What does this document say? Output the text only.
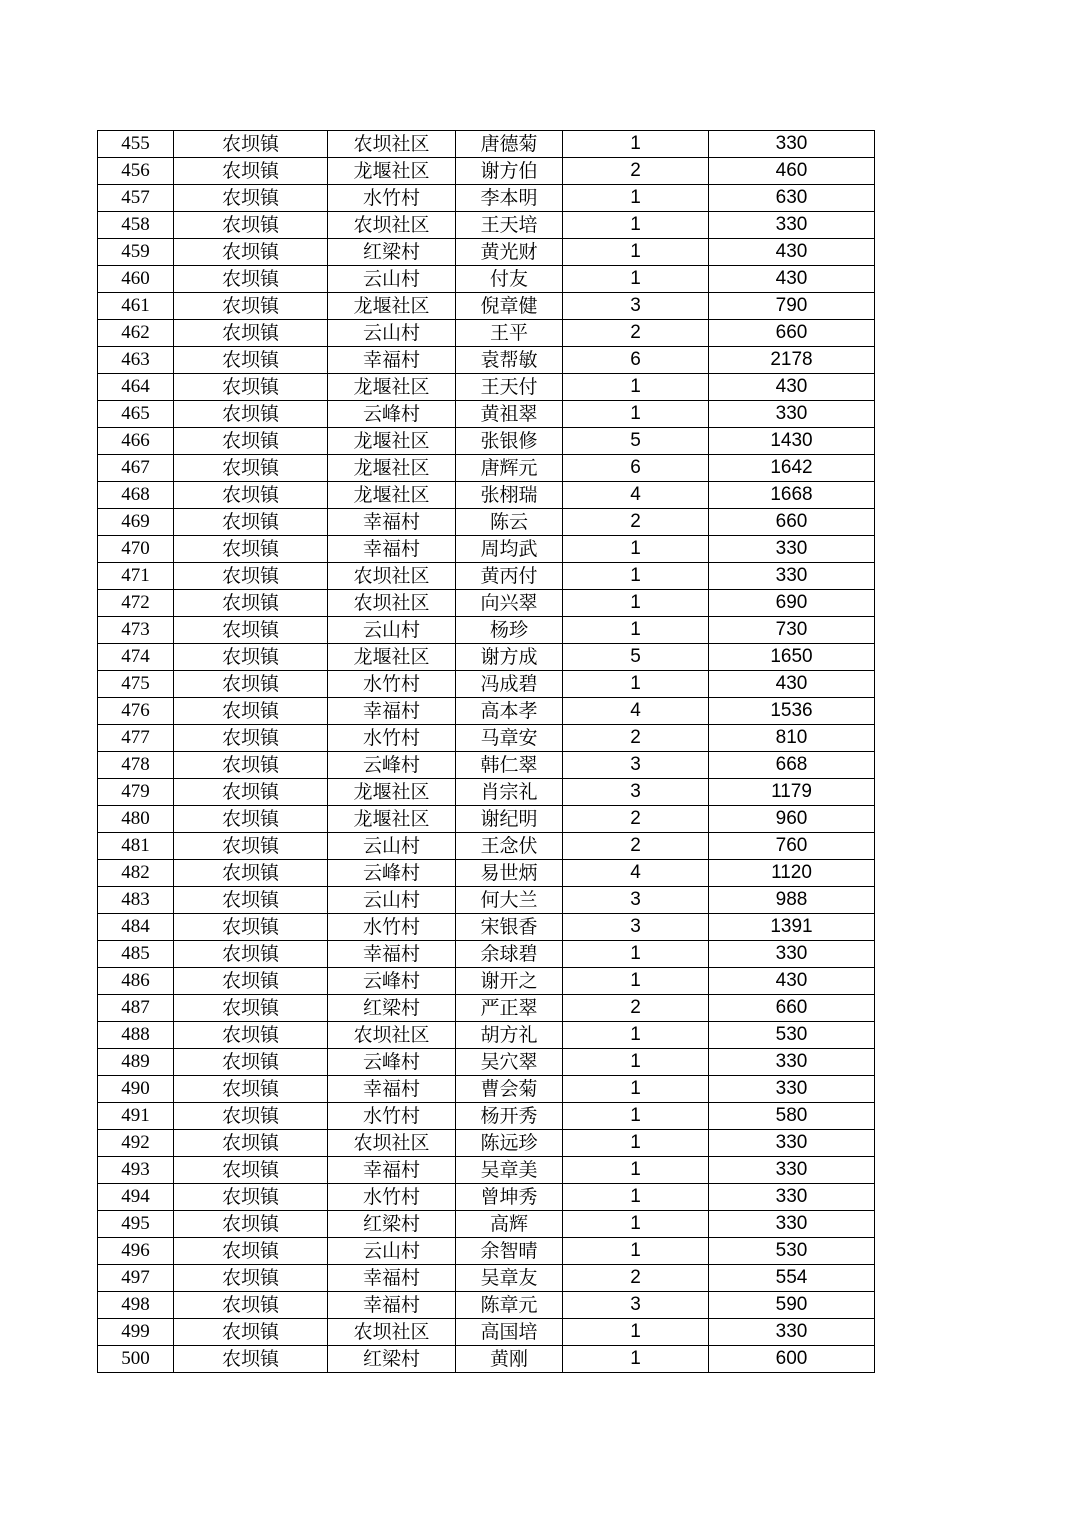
455	农坝镇	农坝社区	唐德菊	1	330
456	农坝镇	龙堰社区	谢方伯	2	460
457	农坝镇	水竹村	李本明	1	630
458	农坝镇	农坝社区	王天培	1	330
459	农坝镇	红梁村	黄光财	1	430
460	农坝镇	云山村	付友	1	430
461	农坝镇	龙堰社区	倪章健	3	790
462	农坝镇	云山村	王平	2	660
463	农坝镇	幸福村	袁帮敏	6	2178
464	农坝镇	龙堰社区	王天付	1	430
465	农坝镇	云峰村	黄祖翠	1	330
466	农坝镇	龙堰社区	张银修	5	1430
467	农坝镇	龙堰社区	唐辉元	6	1642
468	农坝镇	龙堰社区	张栩瑞	4	1668
469	农坝镇	幸福村	陈云	2	660
470	农坝镇	幸福村	周均武	1	330
471	农坝镇	农坝社区	黄丙付	1	330
472	农坝镇	农坝社区	向兴翠	1	690
473	农坝镇	云山村	杨珍	1	730
474	农坝镇	龙堰社区	谢方成	5	1650
475	农坝镇	水竹村	冯成碧	1	430
476	农坝镇	幸福村	高本孝	4	1536
477	农坝镇	水竹村	马章安	2	810
478	农坝镇	云峰村	韩仁翠	3	668
479	农坝镇	龙堰社区	肖宗礼	3	1179
480	农坝镇	龙堰社区	谢纪明	2	960
481	农坝镇	云山村	王念伏	2	760
482	农坝镇	云峰村	易世炳	4	1120
483	农坝镇	云山村	何大兰	3	988
484	农坝镇	水竹村	宋银香	3	1391
485	农坝镇	幸福村	余球碧	1	330
486	农坝镇	云峰村	谢开之	1	430
487	农坝镇	红梁村	严正翠	2	660
488	农坝镇	农坝社区	胡方礼	1	530
489	农坝镇	云峰村	吴穴翠	1	330
490	农坝镇	幸福村	曹会菊	1	330
491	农坝镇	水竹村	杨开秀	1	580
492	农坝镇	农坝社区	陈远珍	1	330
493	农坝镇	幸福村	吴章美	1	330
494	农坝镇	水竹村	曾坤秀	1	330
495	农坝镇	红梁村	高辉	1	330
496	农坝镇	云山村	余智晴	1	530
497	农坝镇	幸福村	吴章友	2	554
498	农坝镇	幸福村	陈章元	3	590
499	农坝镇	农坝社区	高国培	1	330
500	农坝镇	红梁村	黄刚	1	600
